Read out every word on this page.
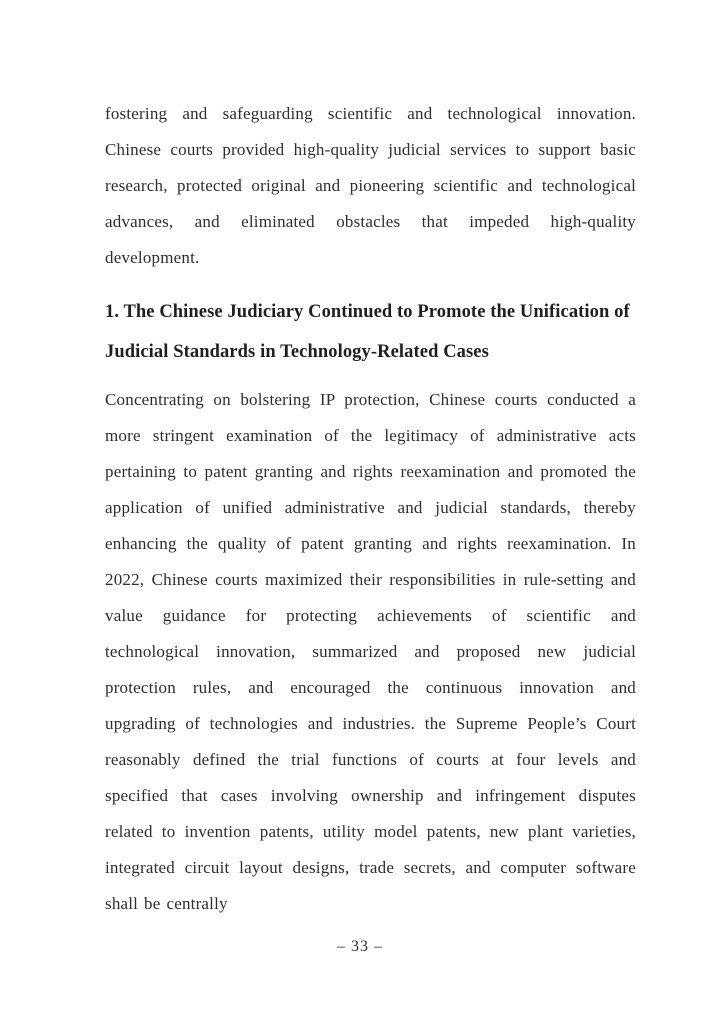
fostering and safeguarding scientific and technological innovation. Chinese courts provided high-quality judicial services to support basic research, protected original and pioneering scientific and technological advances, and eliminated obstacles that impeded high-quality development.

1. The Chinese Judiciary Continued to Promote the Unification of Judicial Standards in Technology-Related Cases

Concentrating on bolstering IP protection, Chinese courts conducted a more stringent examination of the legitimacy of administrative acts pertaining to patent granting and rights reexamination and promoted the application of unified administrative and judicial standards, thereby enhancing the quality of patent granting and rights reexamination. In 2022, Chinese courts maximized their responsibilities in rule-setting and value guidance for protecting achievements of scientific and technological innovation, summarized and proposed new judicial protection rules, and encouraged the continuous innovation and upgrading of technologies and industries. the Supreme People’s Court reasonably defined the trial functions of courts at four levels and specified that cases involving ownership and infringement disputes related to invention patents, utility model patents, new plant varieties, integrated circuit layout designs, trade secrets, and computer software shall be centrally

– 33 –
